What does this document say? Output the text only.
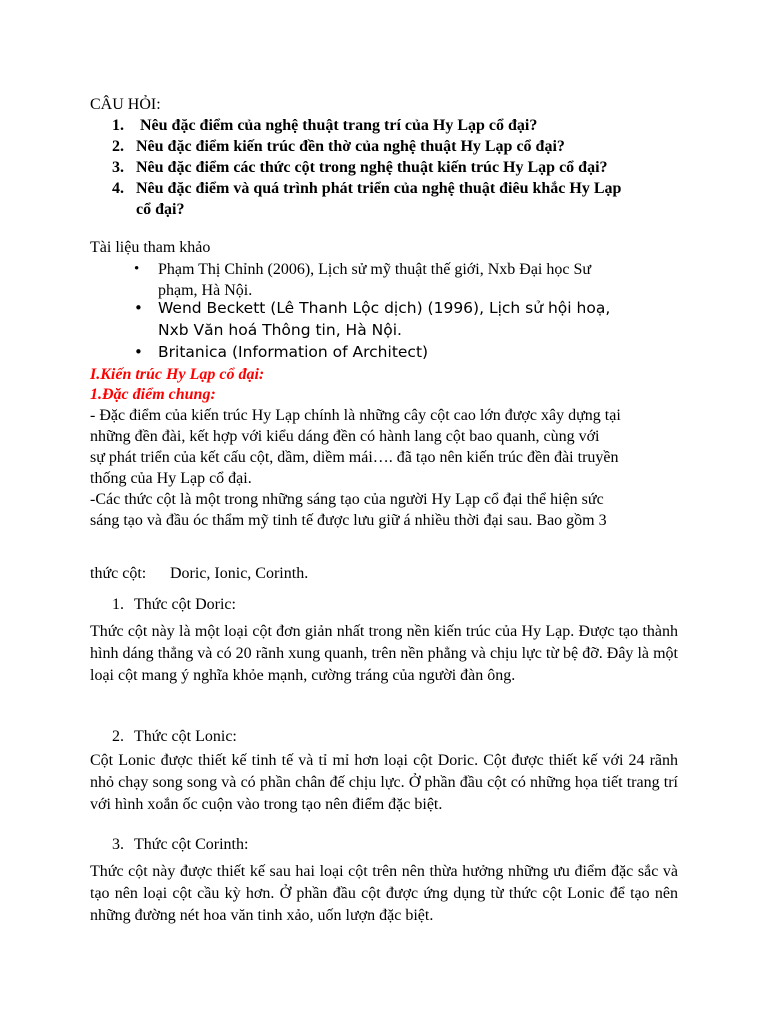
CÂU HỎI:
1. Nêu đặc điểm của nghệ thuật trang trí của Hy Lạp cổ đại?
2. Nêu đặc điểm kiến trúc đền thờ của nghệ thuật Hy Lạp cổ đại?
3. Nêu đặc điểm các thức cột trong nghệ thuật kiến trúc Hy Lạp cổ đại?
4. Nêu đặc điểm và quá trình phát triển của nghệ thuật điêu khắc Hy Lạp
cổ đại?
Tài liệu tham khảo
• Phạm Thị Chỉnh (2006), Lịch sử mỹ thuật thế giới, Nxb Đại học Sư
phạm, Hà Nội.
• Wend Beckett (Lê Thanh Lộc dịch) (1996), Lịch sử hội hoạ,
Nxb Văn hoá Thông tin, Hà Nội.
• Britanica (Information of Architect)
I.Kiến trúc Hy Lạp cổ đại:
1.Đặc điểm chung:
- Đặc điểm của kiến trúc Hy Lạp chính là những cây cột cao lớn được xây dựng tại
những đền đài, kết hợp với kiểu dáng đền có hành lang cột bao quanh, cùng với
sự phát triển của kết cấu cột, dầm, diềm mái…. đã tạo nên kiến trúc đền đài truyền
thống của Hy Lạp cổ đại.
-Các thức cột là một trong những sáng tạo của người Hy Lạp cổ đại thể hiện sức
sáng tạo và đầu óc thẩm mỹ tinh tế được lưu giữ á nhiều thời đại sau. Bao gồm 3
thức cột: Doric, Ionic, Corinth.
1. Thức cột Doric:
Thức cột này là một loại cột đơn giản nhất trong nền kiến trúc của Hy Lạp. Được tạo thành hình dáng thẳng và có 20 rãnh xung quanh, trên nền phẳng và chịu lực từ bệ đỡ. Đây là một loại cột mang ý nghĩa khỏe mạnh, cường tráng của người đàn ông.
2. Thức cột Lonic:
Cột Lonic được thiết kế tinh tế và tỉ mỉ hơn loại cột Doric. Cột được thiết kế với 24 rãnh nhỏ chạy song song và có phần chân đế chịu lực. Ở phần đầu cột có những họa tiết trang trí với hình xoắn ốc cuộn vào trong tạo nên điểm đặc biệt.
3. Thức cột Corinth:
Thức cột này được thiết kế sau hai loại cột trên nên thừa hưởng những ưu điểm đặc sắc và tạo nên loại cột cầu kỳ hơn. Ở phần đầu cột được ứng dụng từ thức cột Lonic để tạo nên những đường nét hoa văn tinh xảo, uốn lượn đặc biệt.
